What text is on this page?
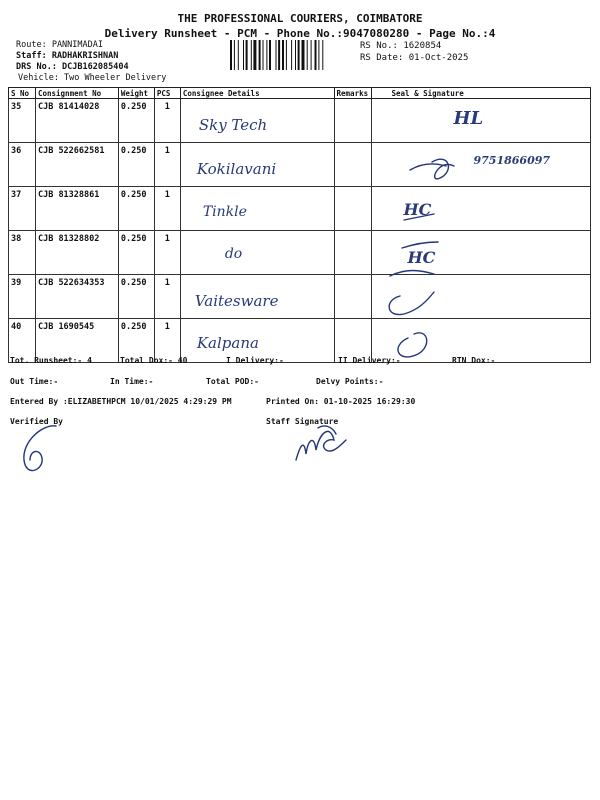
THE PROFESSIONAL COURIERS, COIMBATORE
Delivery Runsheet - PCM - Phone No.:9047080280 - Page No.:4
Route: PANNIMADAI
Staff: RADHAKRISHNAN
DRS No.: DCJB162085404
Vehicle: Two Wheeler Delivery
RS No.: 1620854
RS Date: 01-Oct-2025
S No	Consignment No	Weight	PCS	Consignee Details	Remarks	Seal & Signature
35	CJB 81414028	0.250	1	Sky Tech		HL
36	CJB 522662581	0.250	1	Kokilavani		9751866097
37	CJB 81328861	0.250	1	Tinkle		HC
38	CJB 81328802	0.250	1	do		HC
39	CJB 522634353	0.250	1	Vaitesware		
40	CJB 1690545	0.250	1	Kalpana		
Tot. Runsheet:- 4	Total Dox:- 40	I Delivery:-	II Delivery:-	RTN Dox:-
Out Time:-	In Time:-	Total POD:-	Delvy Points:-
Entered By :ELIZABETHPCM 10/01/2025 4:29:29 PM	Printed On: 01-10-2025 16:29:30
Verified By	Staff Signature
